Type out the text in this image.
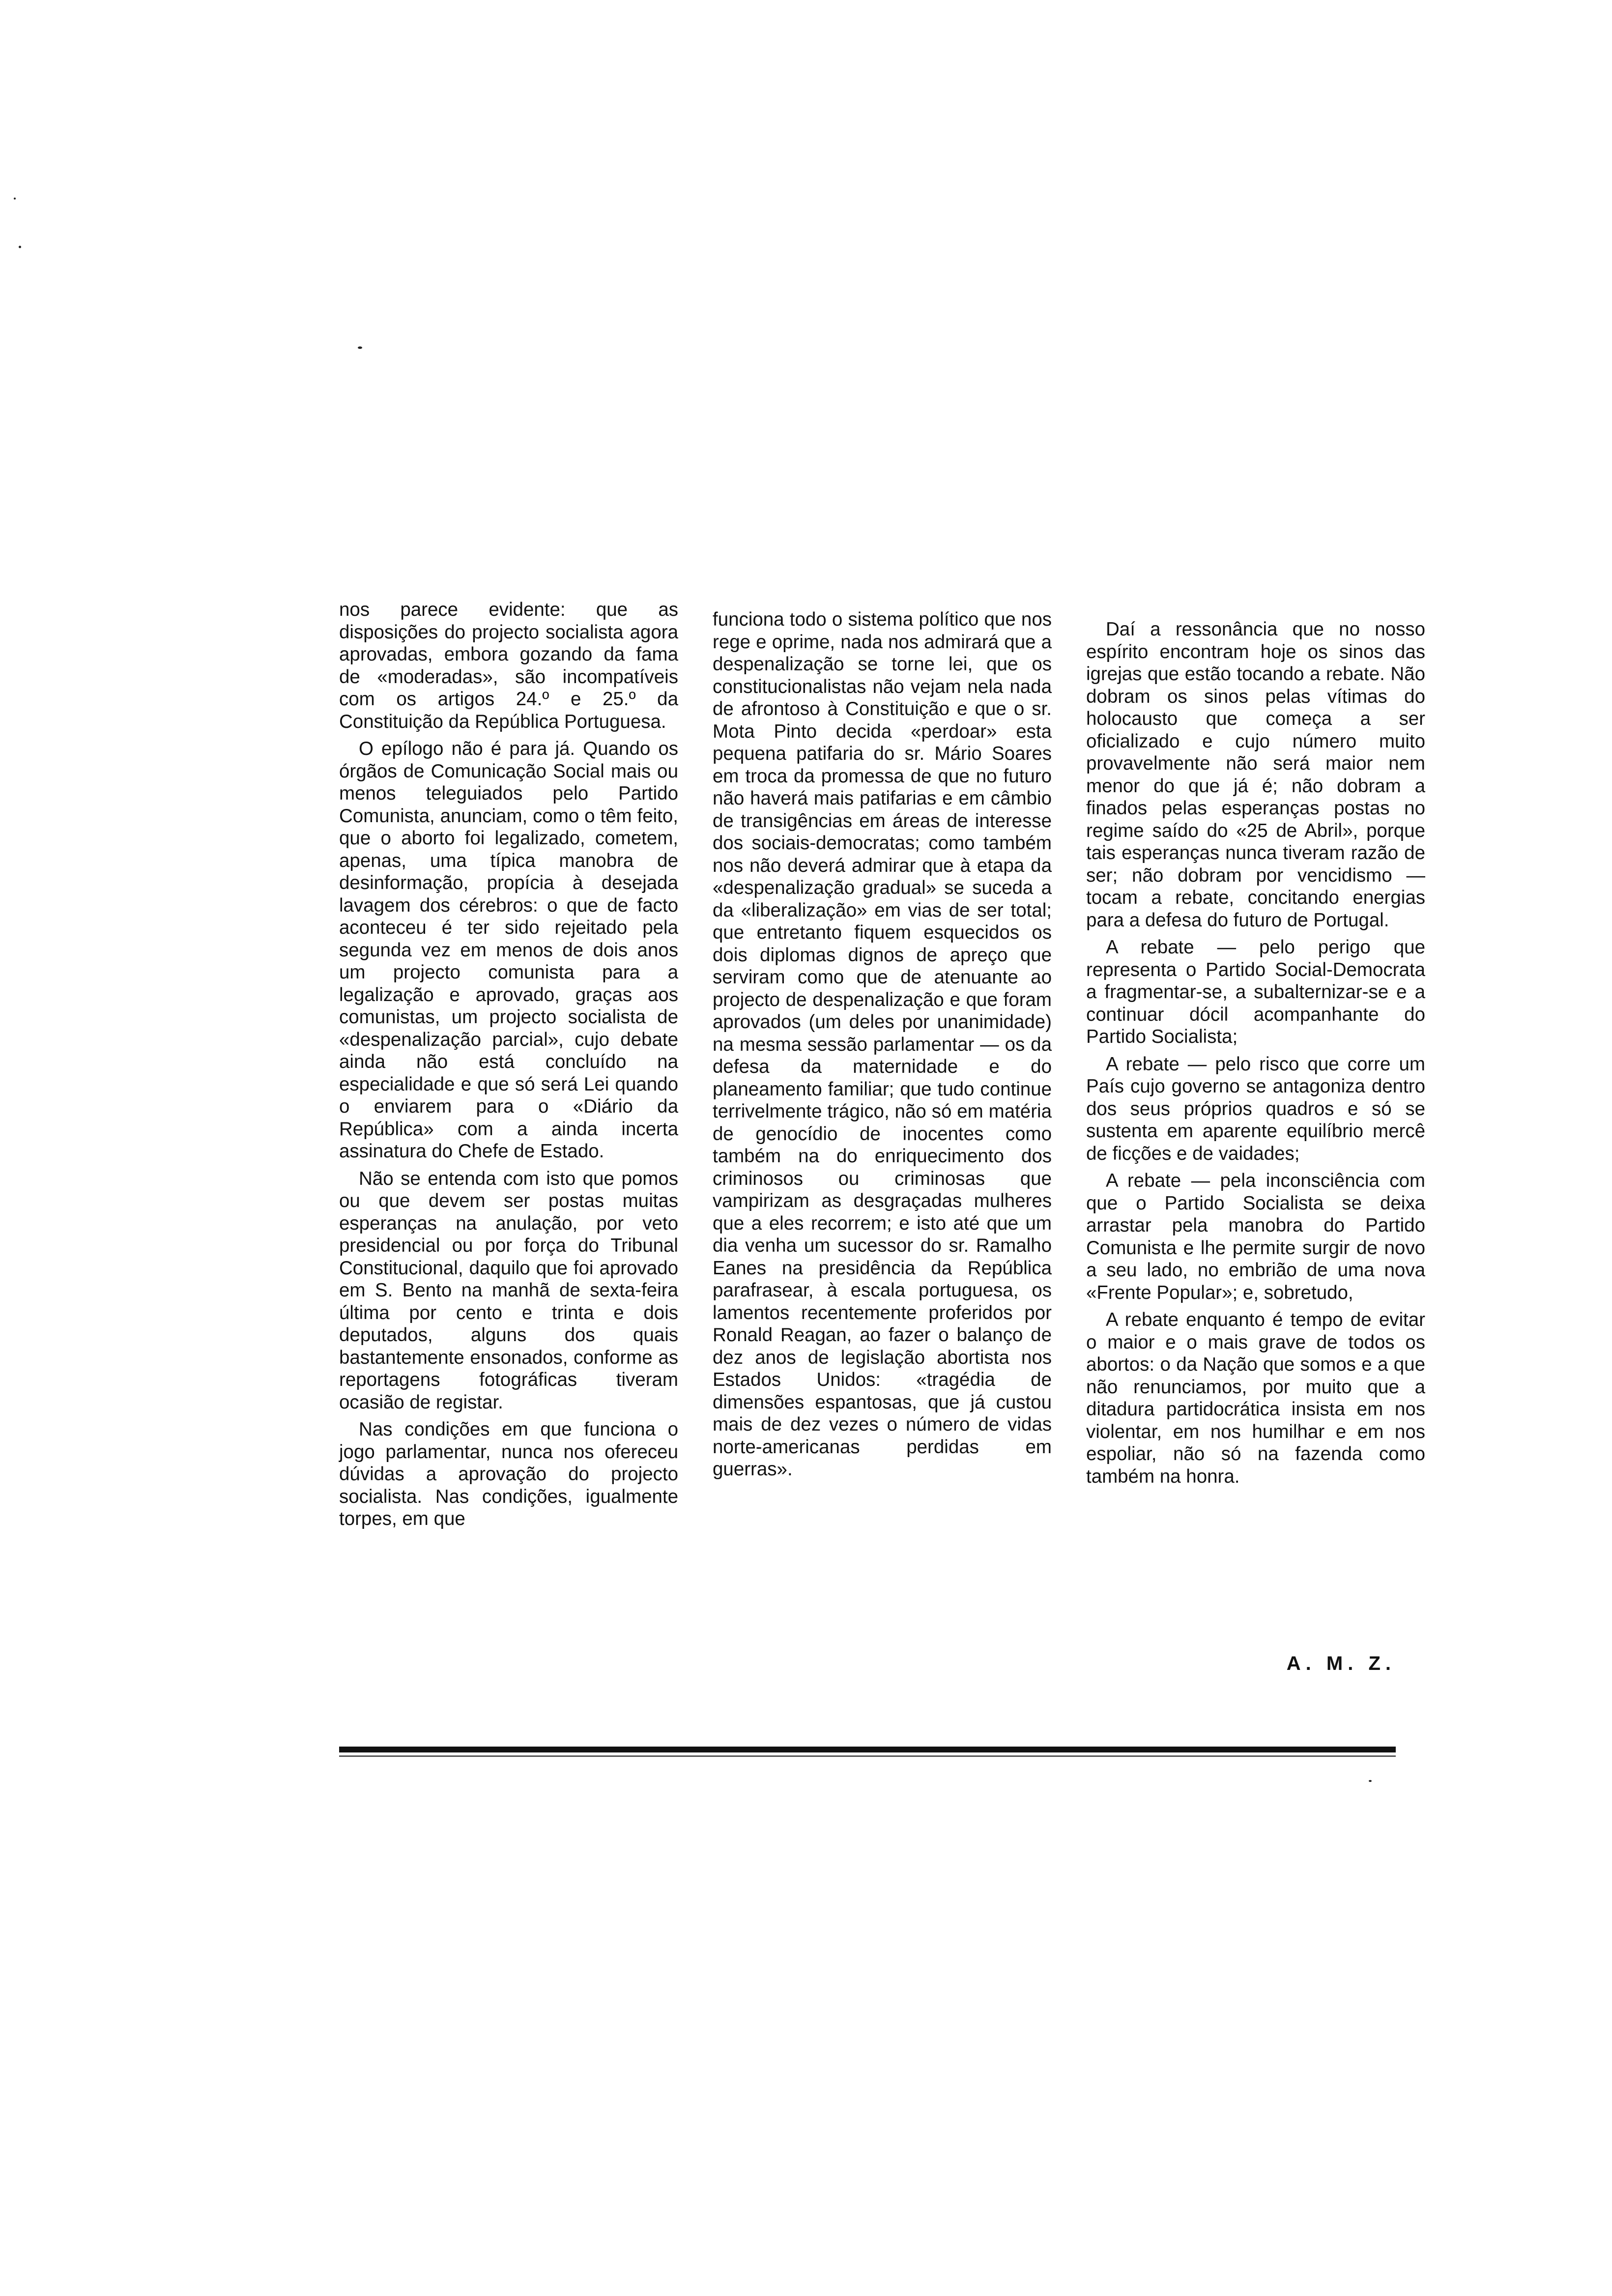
nos parece evidente: que as disposições do projecto socialista agora aprovadas, embora gozando da fama de «moderadas», são incompatíveis com os artigos 24.º e 25.º da Constituição da República Portuguesa.

O epílogo não é para já. Quando os órgãos de Comunicação Social mais ou menos teleguiados pelo Partido Comunista, anunciam, como o têm feito, que o aborto foi legalizado, cometem, apenas, uma típica manobra de desinformação, propícia à desejada lavagem dos cérebros: o que de facto aconteceu é ter sido rejeitado pela segunda vez em menos de dois anos um projecto comunista para a legalização e aprovado, graças aos comunistas, um projecto socialista de «despenalização parcial», cujo debate ainda não está concluído na especialidade e que só será Lei quando o enviarem para o «Diário da República» com a ainda incerta assinatura do Chefe de Estado.

Não se entenda com isto que pomos ou que devem ser postas muitas esperanças na anulação, por veto presidencial ou por força do Tribunal Constitucional, daquilo que foi aprovado em S. Bento na manhã de sexta-feira última por cento e trinta e dois deputados, alguns dos quais bastantemente ensonados, conforme as reportagens fotográficas tiveram ocasião de registar.

Nas condições em que funciona o jogo parlamentar, nunca nos ofereceu dúvidas a aprovação do projecto socialista. Nas condições, igualmente torpes, em que

funciona todo o sistema político que nos rege e oprime, nada nos admirará que a despenalização se torne lei, que os constitucionalistas não vejam nela nada de afrontoso à Constituição e que o sr. Mota Pinto decida «perdoar» esta pequena patifaria do sr. Mário Soares em troca da promessa de que no futuro não haverá mais patifarias e em câmbio de transigências em áreas de interesse dos sociais-democratas; como também nos não deverá admirar que à etapa da «despenalização gradual» se suceda a da «liberalização» em vias de ser total; que entretanto fiquem esquecidos os dois diplomas dignos de apreço que serviram como que de atenuante ao projecto de despenalização e que foram aprovados (um deles por unanimidade) na mesma sessão parlamentar — os da defesa da maternidade e do planeamento familiar; que tudo continue terrivelmente trágico, não só em matéria de genocídio de inocentes como também na do enriquecimento dos criminosos ou criminosas que vampirizam as desgraçadas mulheres que a eles recorrem; e isto até que um dia venha um sucessor do sr. Ramalho Eanes na presidência da República parafrasear, à escala portuguesa, os lamentos recentemente proferidos por Ronald Reagan, ao fazer o balanço de dez anos de legislação abortista nos Estados Unidos: «tragédia de dimensões espantosas, que já custou mais de dez vezes o número de vidas norte-americanas perdidas em guerras».

Daí a ressonância que no nosso espírito encontram hoje os sinos das igrejas que estão tocando a rebate. Não dobram os sinos pelas vítimas do holocausto que começa a ser oficializado e cujo número muito provavelmente não será maior nem menor do que já é; não dobram a finados pelas esperanças postas no regime saído do «25 de Abril», porque tais esperanças nunca tiveram razão de ser; não dobram por vencidismo — tocam a rebate, concitando energias para a defesa do futuro de Portugal.

A rebate — pelo perigo que representa o Partido Social-Democrata a fragmentar-se, a subalternizar-se e a continuar dócil acompanhante do Partido Socialista;

A rebate — pelo risco que corre um País cujo governo se antagoniza dentro dos seus próprios quadros e só se sustenta em aparente equilíbrio mercê de ficções e de vaidades;

A rebate — pela inconsciência com que o Partido Socialista se deixa arrastar pela manobra do Partido Comunista e lhe permite surgir de novo a seu lado, no embrião de uma nova «Frente Popular»; e, sobretudo,

A rebate enquanto é tempo de evitar o maior e o mais grave de todos os abortos: o da Nação que somos e a que não renunciamos, por muito que a ditadura partidocrática insista em nos violentar, em nos humilhar e em nos espoliar, não só na fazenda como também na honra.

A. M. Z.
